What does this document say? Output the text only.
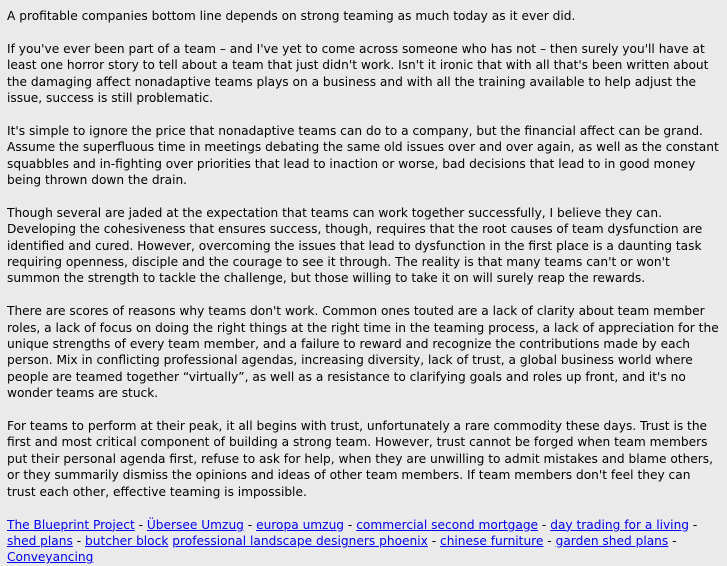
A profitable companies bottom line depends on strong teaming as much today as it ever did.

If you've ever been part of a team – and I've yet to come across someone who has not – then surely you'll have at least one horror story to tell about a team that just didn't work. Isn't it ironic that with all that's been written about the damaging affect nonadaptive teams plays on a business and with all the training available to help adjust the issue, success is still problematic.

It's simple to ignore the price that nonadaptive teams can do to a company, but the financial affect can be grand. Assume the superfluous time in meetings debating the same old issues over and over again, as well as the constant squabbles and in-fighting over priorities that lead to inaction or worse, bad decisions that lead to in good money being thrown down the drain.

Though several are jaded at the expectation that teams can work together successfully, I believe they can. Developing the cohesiveness that ensures success, though, requires that the root causes of team dysfunction are identified and cured. However, overcoming the issues that lead to dysfunction in the first place is a daunting task requiring openness, disciple and the courage to see it through. The reality is that many teams can't or won't summon the strength to tackle the challenge, but those willing to take it on will surely reap the rewards.

There are scores of reasons why teams don't work. Common ones touted are a lack of clarity about team member roles, a lack of focus on doing the right things at the right time in the teaming process, a lack of appreciation for the unique strengths of every team member, and a failure to reward and recognize the contributions made by each person. Mix in conflicting professional agendas, increasing diversity, lack of trust, a global business world where people are teamed together “virtually”, as well as a resistance to clarifying goals and roles up front, and it's no wonder teams are stuck.

For teams to perform at their peak, it all begins with trust, unfortunately a rare commodity these days. Trust is the first and most critical component of building a strong team. However, trust cannot be forged when team members put their personal agenda first, refuse to ask for help, when they are unwilling to admit mistakes and blame others, or they summarily dismiss the opinions and ideas of other team members. If team members don't feel they can trust each other, effective teaming is impossible.

The Blueprint Project - Übersee Umzug - europa umzug - commercial second mortgage - day trading for a living - shed plans - butcher block professional landscape designers phoenix - chinese furniture - garden shed plans - Conveyancing
